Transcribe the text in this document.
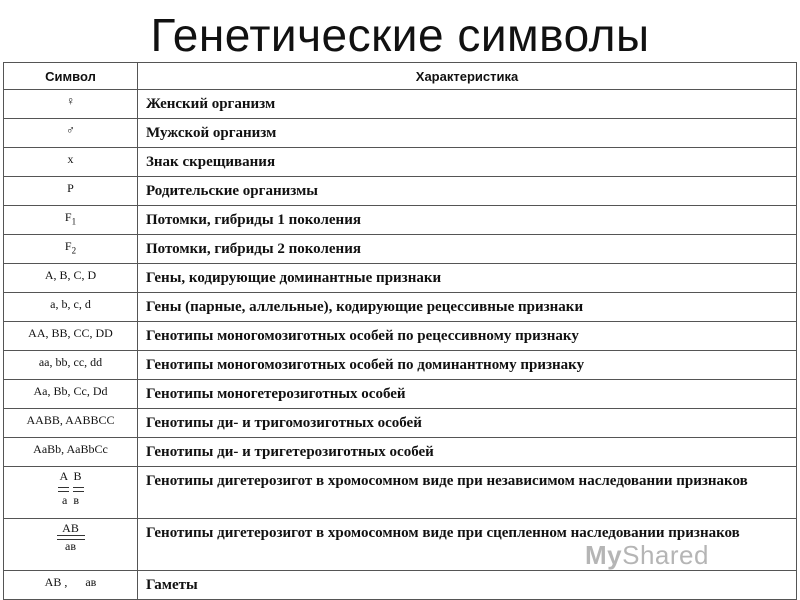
Генетические символы
Символ	Характеристика
♀	Женский организм
♂	Мужской организм
x	Знак скрещивания
P	Родительские организмы
$F_1$	Потомки, гибриды 1 поколения
$F_2$	Потомки, гибриды 2 поколения
A, B, C, D	Гены, кодирующие доминантные признаки
a, b, c, d	Гены (парные, аллельные), кодирующие рецессивные признаки
AA, BB, CC, DD	Генотипы моногомозиготных особей по рецессивному признаку
aa, bb, cc, dd	Генотипы моногомозиготных особей по доминантному признаку
Aa, Bb, Cc, Dd	Генотипы моногетерозиготных особей
AABB, AABBCC	Генотипы ди- и тригомозиготных особей
AaBb, AaBbCc	Генотипы ди- и тригетерозиготных особей
A  B
a  в	Генотипы дигетерозигот в хромосомном виде при независимом наследовании признаков
AB
ав	Генотипы дигетерозигот в хромосомном виде при сцепленном наследовании признаков
AB ,      ав	Гаметы
MyShared
